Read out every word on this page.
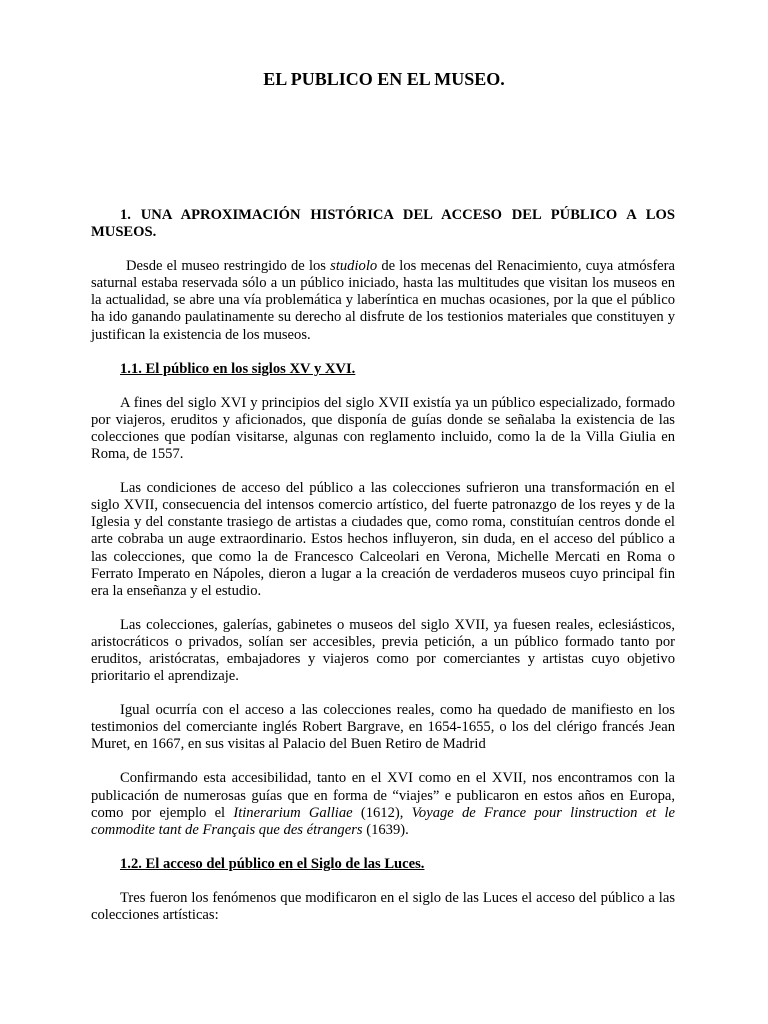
EL PUBLICO EN EL MUSEO.

1. UNA APROXIMACIÓN HISTÓRICA DEL ACCESO DEL PÚBLICO A LOS MUSEOS.

Desde el museo restringido de los studiolo de los mecenas del Renacimiento, cuya atmósfera saturnal estaba reservada sólo a un público iniciado, hasta las multitudes que visitan los museos en la actualidad, se abre una vía problemática y laberíntica en muchas ocasiones, por la que el público ha ido ganando paulatinamente su derecho al disfrute de los testionios materiales que constituyen y justifican la existencia de los museos.

1.1. El público en los siglos XV y XVI.

A fines del siglo XVI y principios del siglo XVII existía ya un público especializado, formado por viajeros, eruditos y aficionados, que disponía de guías donde se señalaba la existencia de las colecciones que podían visitarse, algunas con reglamento incluido, como la de la Villa Giulia en Roma, de 1557.

Las condiciones de acceso del público a las colecciones sufrieron una transformación en el siglo XVII, consecuencia del intensos comercio artístico, del fuerte patronazgo de los reyes y de la Iglesia y del constante trasiego de artistas a ciudades que, como roma, constituían centros donde el arte cobraba un auge extraordinario. Estos hechos influyeron, sin duda, en el acceso del público a las colecciones, que como la de Francesco Calceolari en Verona, Michelle Mercati en Roma o Ferrato Imperato en Nápoles, dieron a lugar a la creación de verdaderos museos cuyo principal fin era la enseñanza y el estudio.

Las colecciones, galerías, gabinetes o museos del siglo XVII, ya fuesen reales, eclesiásticos, aristocráticos o privados, solían ser accesibles, previa petición, a un público formado tanto por eruditos, aristócratas, embajadores y viajeros como por comerciantes y artistas cuyo objetivo prioritario el aprendizaje.

Igual ocurría con el acceso a las colecciones reales, como ha quedado de manifiesto en los testimonios del comerciante inglés Robert Bargrave, en 1654-1655, o los del clérigo francés Jean Muret, en 1667, en sus visitas al Palacio del Buen Retiro de Madrid

Confirmando esta accesibilidad, tanto en el XVI como en el XVII, nos encontramos con la publicación de numerosas guías que en forma de “viajes” e publicaron en estos años en Europa, como por ejemplo el Itinerarium Galliae (1612), Voyage de France pour linstruction et le commodite tant de Français que des étrangers (1639).

1.2. El acceso del público en el Siglo de las Luces.

Tres fueron los fenómenos que modificaron en el siglo de las Luces el acceso del público a las colecciones artísticas:
